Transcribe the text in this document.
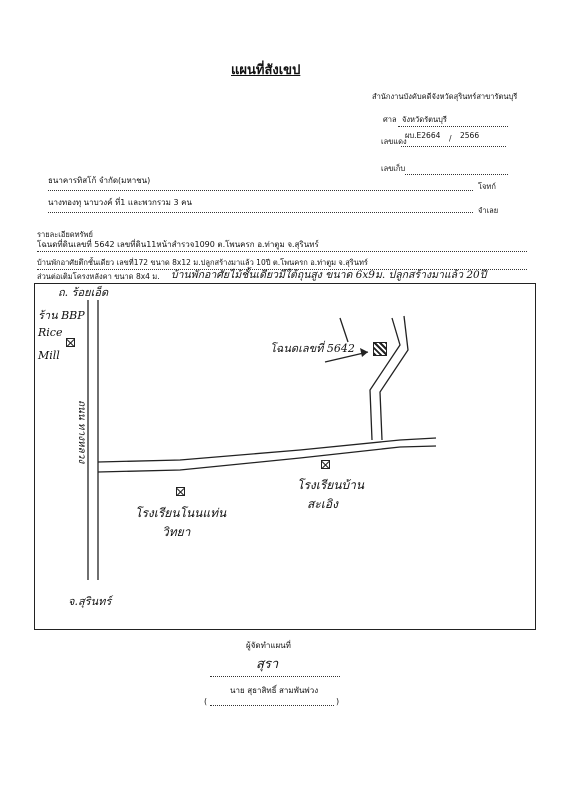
แผนที่สังเขป
สำนักงานบังคับคดีจังหวัดสุรินทร์สาขารัตนบุรี
ศาล จังหวัดรัตนบุรี
เลขแดง
ผบ.E2664 / 2566
เลขเก็บ
ธนาคารทิสโก้ จำกัด(มหาชน)
โจทก์
นางทองทุ นาบวงค์ ที่1 และพวกรวม 3 คน
จำเลย
รายละเอียดทรัพย์
โฉนดที่ดินเลขที่ 5642 เลขที่ดิน11หน้าสำรวจ1090 ต.โพนครก อ.ท่าตูม จ.สุรินทร์
บ้านพักอาศัยตึกชั้นเดียว เลขที่172 ขนาด 8x12 ม.ปลูกสร้างมาแล้ว 10ปี ต.โพนครก อ.ท่าตูม จ.สุรินทร์
ส่วนต่อเติมโครงหลังคา ขนาด 8x4 ม. บ้านพักอาศัยไม้ชั้นเดียวมีใต้ถุนสูง ขนาด 6x9ม. ปลูกสร้างมาแล้ว 20ปี
ถ. ร้อยเอ็ด
ร้าน BBP
Rice
Mill
ถนน ทางหลวง
จ.สุรินทร์
โฉนดเลขที่ 5642
โรงเรียนโนนแท่น
วิทยา
โรงเรียนบ้าน
สะเอิง
ผู้จัดทำแผนที่
สุรา
นาย สุธาสิทธิ์ สามพันพ่วง
(	)
